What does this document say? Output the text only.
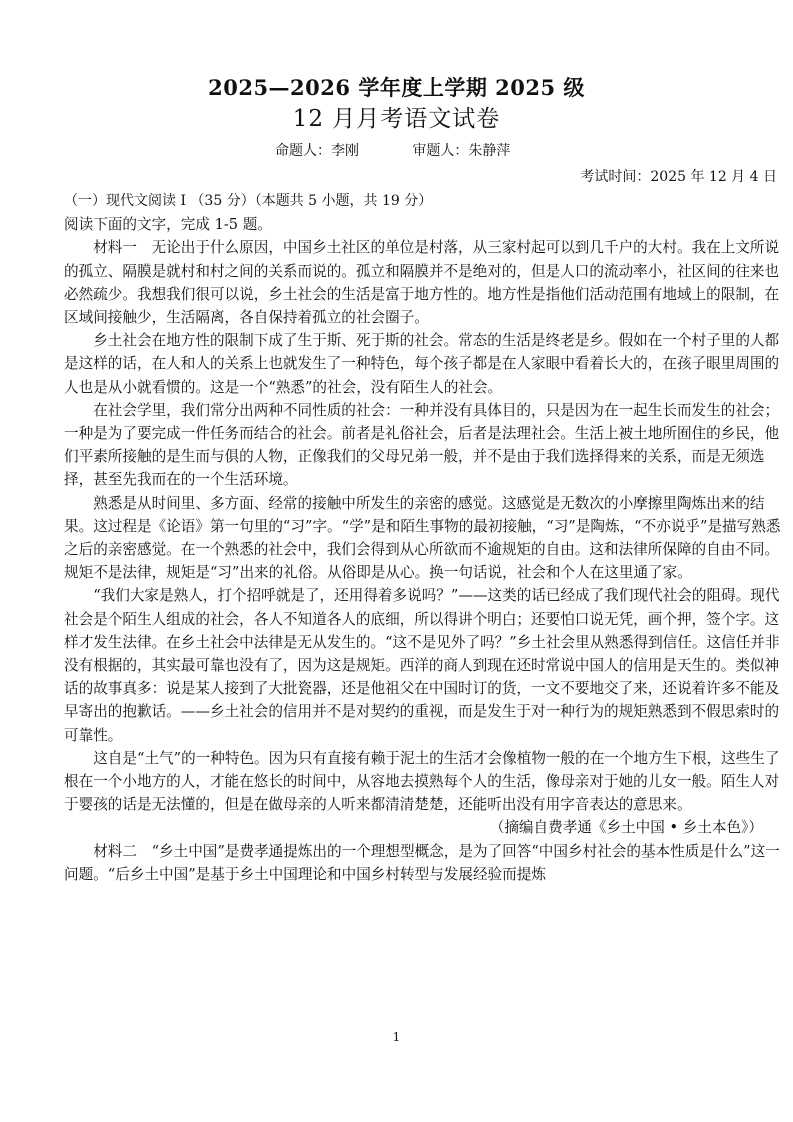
2025—2026 学年度上学期 2025 级
12 月月考语文试卷
命题人：李刚            审题人：朱静萍
考试时间：2025 年 12 月 4 日

（一）现代文阅读 I （35 分）（本题共 5 小题，共 19 分）

阅读下面的文字，完成 1-5 题。

材料一　无论出于什么原因，中国乡土社区的单位是村落，从三家村起可以到几千户的大村。我在上文所说的孤立、隔膜是就村和村之间的关系而说的。孤立和隔膜并不是绝对的，但是人口的流动率小，社区间的往来也必然疏少。我想我们很可以说，乡土社会的生活是富于地方性的。地方性是指他们活动范围有地域上的限制，在区域间接触少，生活隔离，各自保持着孤立的社会圈子。

乡土社会在地方性的限制下成了生于斯、死于斯的社会。常态的生活是终老是乡。假如在一个村子里的人都是这样的话，在人和人的关系上也就发生了一种特色，每个孩子都是在人家眼中看着长大的，在孩子眼里周围的人也是从小就看惯的。这是一个“熟悉”的社会，没有陌生人的社会。

在社会学里，我们常分出两种不同性质的社会：一种并没有具体目的，只是因为在一起生长而发生的社会；一种是为了要完成一件任务而结合的社会。前者是礼俗社会，后者是法理社会。生活上被土地所囿住的乡民，他们平素所接触的是生而与俱的人物，正像我们的父母兄弟一般，并不是由于我们选择得来的关系，而是无须选择，甚至先我而在的一个生活环境。

熟悉是从时间里、多方面、经常的接触中所发生的亲密的感觉。这感觉是无数次的小摩擦里陶炼出来的结果。这过程是《论语》第一句里的“习”字。“学”是和陌生事物的最初接触，“习”是陶炼，“不亦说乎”是描写熟悉之后的亲密感觉。在一个熟悉的社会中，我们会得到从心所欲而不逾规矩的自由。这和法律所保障的自由不同。规矩不是法律，规矩是“习”出来的礼俗。从俗即是从心。换一句话说，社会和个人在这里通了家。

“我们大家是熟人，打个招呼就是了，还用得着多说吗？”——这类的话已经成了我们现代社会的阻碍。现代社会是个陌生人组成的社会，各人不知道各人的底细，所以得讲个明白；还要怕口说无凭，画个押，签个字。这样才发生法律。在乡土社会中法律是无从发生的。“这不是见外了吗？”乡土社会里从熟悉得到信任。这信任并非没有根据的，其实最可靠也没有了，因为这是规矩。西洋的商人到现在还时常说中国人的信用是天生的。类似神话的故事真多：说是某人接到了大批瓷器，还是他祖父在中国时订的货，一文不要地交了来，还说着许多不能及早寄出的抱歉话。——乡土社会的信用并不是对契约的重视，而是发生于对一种行为的规矩熟悉到不假思索时的可靠性。

这自是“土气”的一种特色。因为只有直接有赖于泥土的生活才会像植物一般的在一个地方生下根，这些生了根在一个小地方的人，才能在悠长的时间中，从容地去摸熟每个人的生活，像母亲对于她的儿女一般。陌生人对于婴孩的话是无法懂的，但是在做母亲的人听来都清清楚楚，还能听出没有用字音表达的意思来。

（摘编自费孝通《乡土中国 • 乡土本色》）

材料二　“乡土中国”是费孝通提炼出的一个理想型概念，是为了回答“中国乡村社会的基本性质是什么”这一问题。“后乡土中国”是基于乡土中国理论和中国乡村转型与发展经验而提炼

1
